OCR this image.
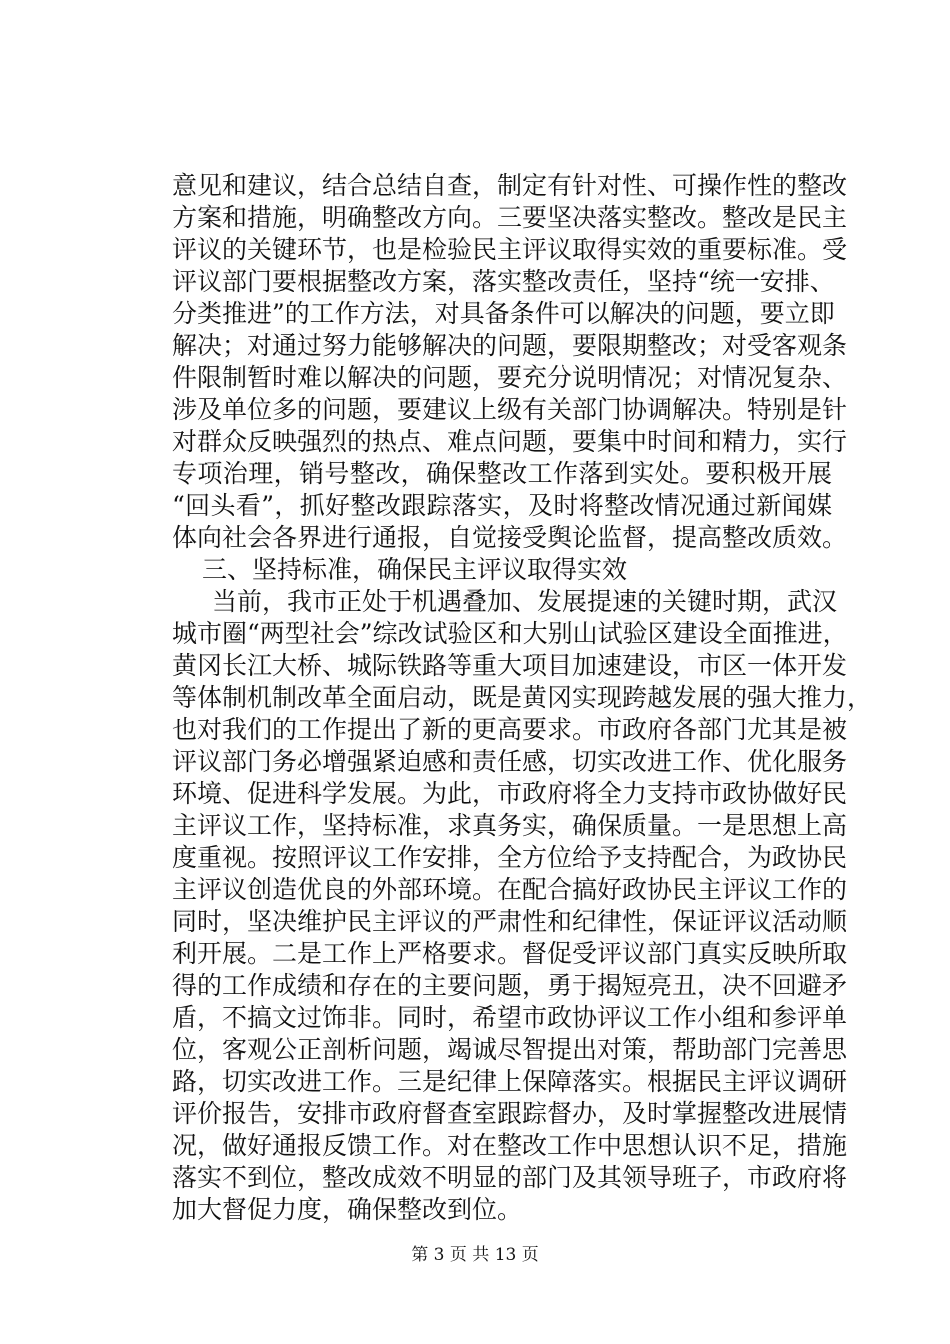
意见和建议，结合总结自查，制定有针对性、可操作性的整改
方案和措施，明确整改方向。三要坚决落实整改。整改是民主
评议的关键环节，也是检验民主评议取得实效的重要标准。受
评议部门要根据整改方案，落实整改责任，坚持“统一安排、
分类推进”的工作方法，对具备条件可以解决的问题，要立即
解决；对通过努力能够解决的问题，要限期整改；对受客观条
件限制暂时难以解决的问题，要充分说明情况；对情况复杂、
涉及单位多的问题，要建议上级有关部门协调解决。特别是针
对群众反映强烈的热点、难点问题，要集中时间和精力，实行
专项治理，销号整改，确保整改工作落到实处。要积极开展
“回头看”，抓好整改跟踪落实，及时将整改情况通过新闻媒
体向社会各界进行通报，自觉接受舆论监督，提高整改质效。
三、坚持标准，确保民主评议取得实效
当前，我市正处于机遇叠加、发展提速的关键时期，武汉
城市圈“两型社会”综改试验区和大别山试验区建设全面推进，
黄冈长江大桥、城际铁路等重大项目加速建设，市区一体开发
等体制机制改革全面启动，既是黄冈实现跨越发展的强大推力，
也对我们的工作提出了新的更高要求。市政府各部门尤其是被
评议部门务必增强紧迫感和责任感，切实改进工作、优化服务
环境、促进科学发展。为此，市政府将全力支持市政协做好民
主评议工作，坚持标准，求真务实，确保质量。一是思想上高
度重视。按照评议工作安排，全方位给予支持配合，为政协民
主评议创造优良的外部环境。在配合搞好政协民主评议工作的
同时，坚决维护民主评议的严肃性和纪律性，保证评议活动顺
利开展。二是工作上严格要求。督促受评议部门真实反映所取
得的工作成绩和存在的主要问题，勇于揭短亮丑，决不回避矛
盾，不搞文过饰非。同时，希望市政协评议工作小组和参评单
位，客观公正剖析问题，竭诚尽智提出对策，帮助部门完善思
路，切实改进工作。三是纪律上保障落实。根据民主评议调研
评价报告，安排市政府督查室跟踪督办，及时掌握整改进展情
况，做好通报反馈工作。对在整改工作中思想认识不足，措施
落实不到位，整改成效不明显的部门及其领导班子，市政府将
加大督促力度，确保整改到位。
第 3 页 共 13 页
